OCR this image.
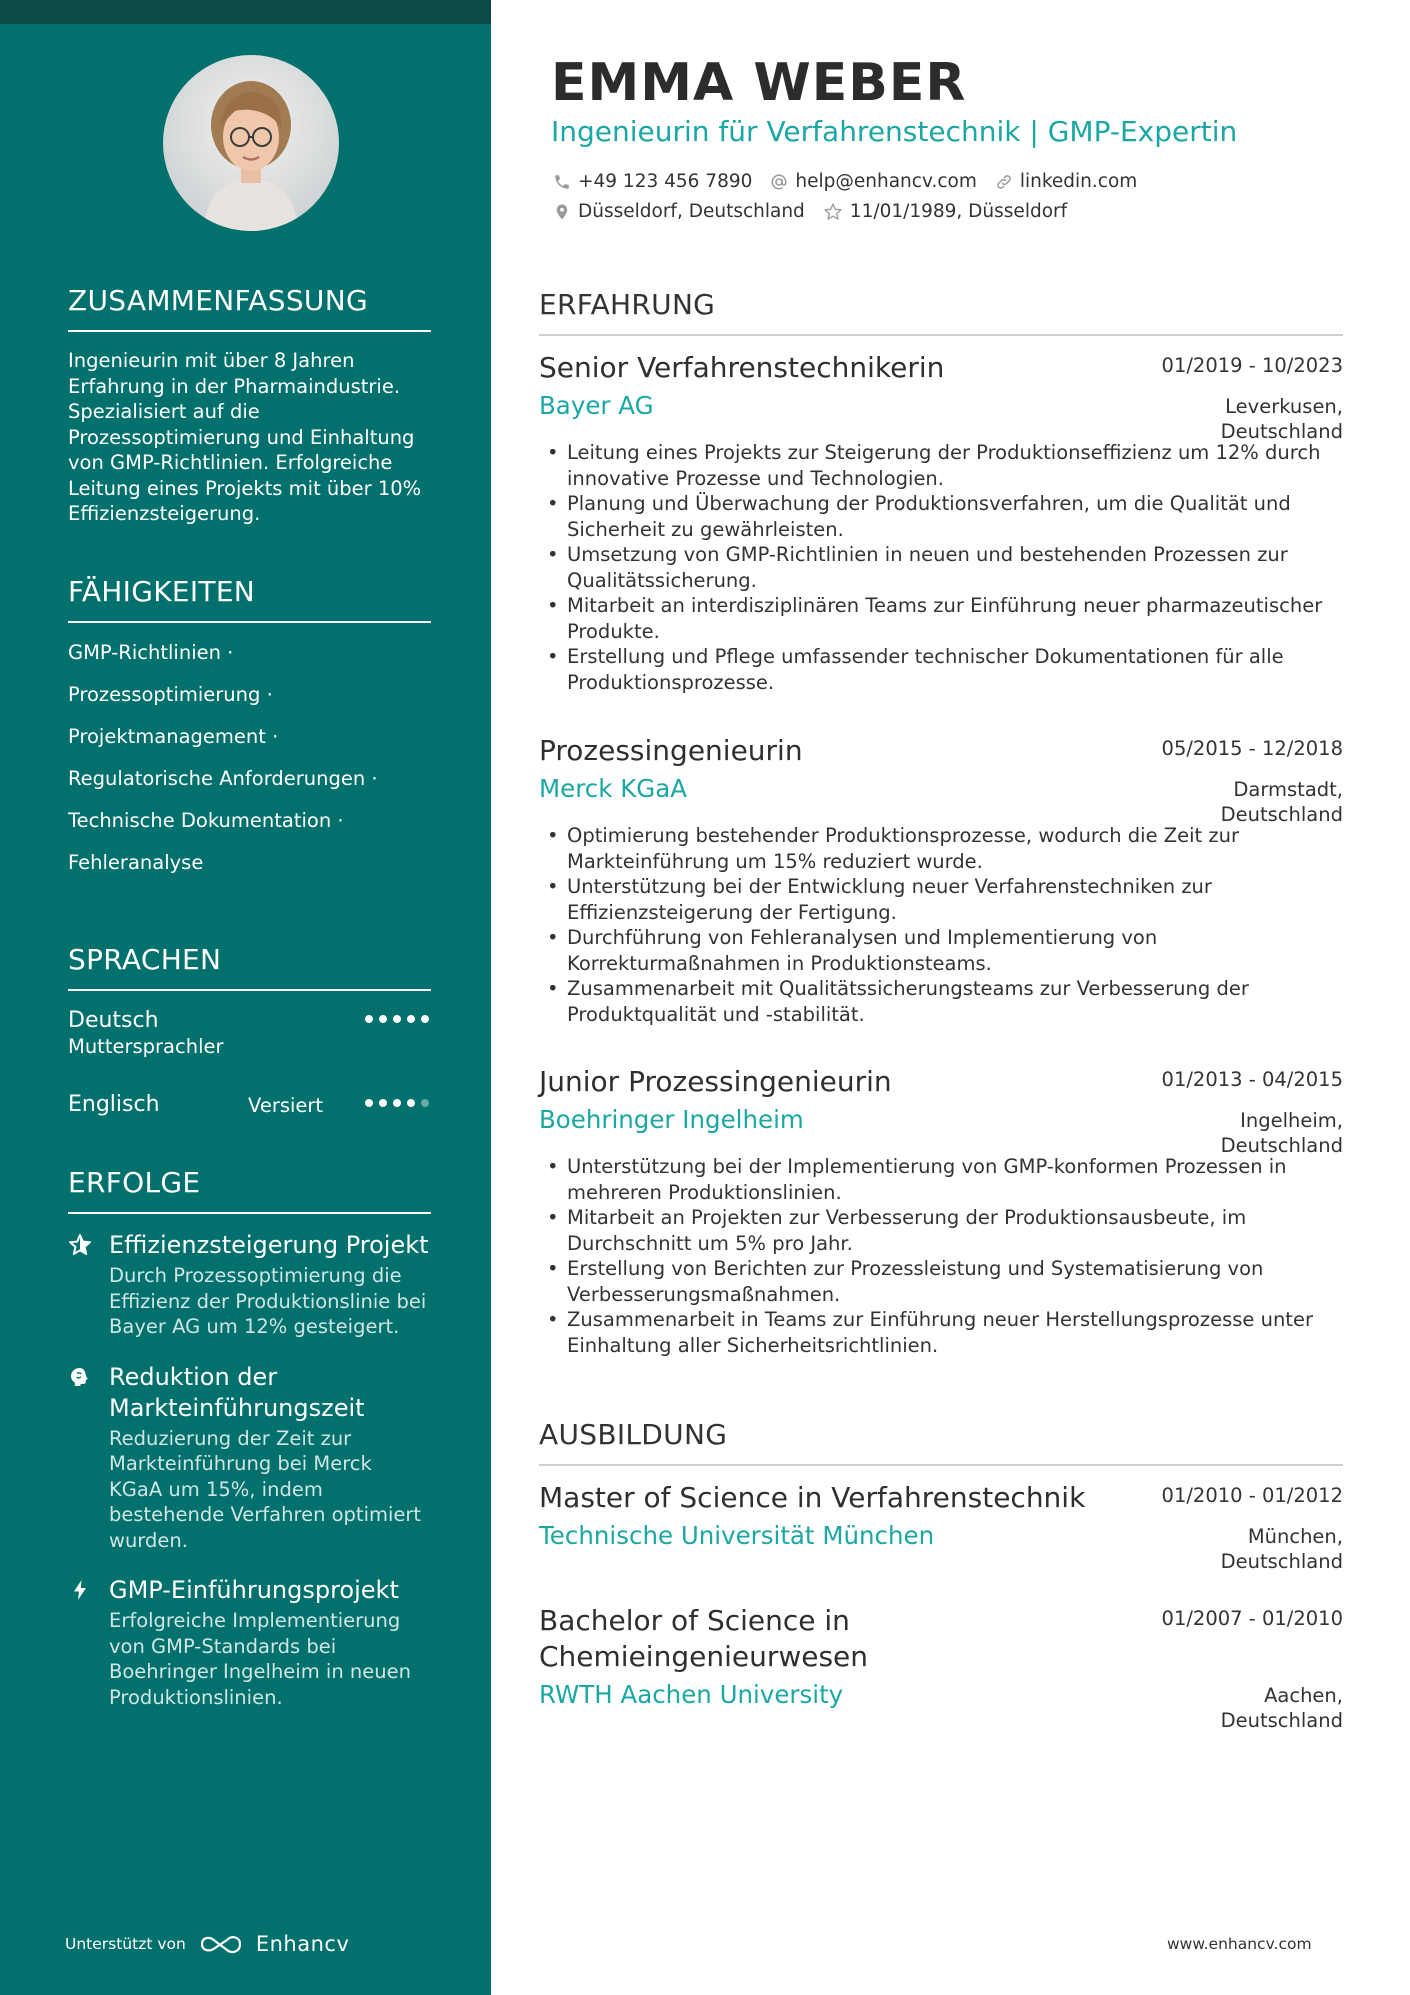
ZUSAMMENFASSUNG
Ingenieurin mit über 8 Jahren Erfahrung in der Pharmaindustrie. Spezialisiert auf die Prozessoptimierung und Einhaltung von GMP-Richtlinien. Erfolgreiche Leitung eines Projekts mit über 10% Effizienzsteigerung.
FÄHIGKEITEN
GMP-Richtlinien ·
Prozessoptimierung ·
Projektmanagement ·
Regulatorische Anforderungen ·
Technische Dokumentation ·
Fehleranalyse
SPRACHEN
Deutsch
Muttersprachler
Englisch	Versiert
ERFOLGE
Effizienzsteigerung Projekt
Durch Prozessoptimierung die Effizienz der Produktionslinie bei Bayer AG um 12% gesteigert.
Reduktion der Markteinführungszeit
Reduzierung der Zeit zur Markteinführung bei Merck KGaA um 15%, indem bestehende Verfahren optimiert wurden.
GMP-Einführungsprojekt
Erfolgreiche Implementierung von GMP-Standards bei Boehringer Ingelheim in neuen Produktionslinien.
Unterstützt von	Enhancv
EMMA WEBER
Ingenieurin für Verfahrenstechnik | GMP-Expertin
+49 123 456 7890 help@enhancv.com linkedin.com
Düsseldorf, Deutschland 11/01/1989, Düsseldorf
ERFAHRUNG
Senior Verfahrenstechnikerin	01/2019 - 10/2023
Bayer AG	Leverkusen,
Deutschland
• Leitung eines Projekts zur Steigerung der Produktionseffizienz um 12% durch innovative Prozesse und Technologien.
• Planung und Überwachung der Produktionsverfahren, um die Qualität und Sicherheit zu gewährleisten.
• Umsetzung von GMP-Richtlinien in neuen und bestehenden Prozessen zur Qualitätssicherung.
• Mitarbeit an interdisziplinären Teams zur Einführung neuer pharmazeutischer Produkte.
• Erstellung und Pflege umfassender technischer Dokumentationen für alle Produktionsprozesse.
Prozessingenieurin	05/2015 - 12/2018
Merck KGaA	Darmstadt,
Deutschland
• Optimierung bestehender Produktionsprozesse, wodurch die Zeit zur Markteinführung um 15% reduziert wurde.
• Unterstützung bei der Entwicklung neuer Verfahrenstechniken zur Effizienzsteigerung der Fertigung.
• Durchführung von Fehleranalysen und Implementierung von Korrekturmaßnahmen in Produktionsteams.
• Zusammenarbeit mit Qualitätssicherungsteams zur Verbesserung der Produktqualität und -stabilität.
Junior Prozessingenieurin	01/2013 - 04/2015
Boehringer Ingelheim	Ingelheim,
Deutschland
• Unterstützung bei der Implementierung von GMP-konformen Prozessen in mehreren Produktionslinien.
• Mitarbeit an Projekten zur Verbesserung der Produktionsausbeute, im Durchschnitt um 5% pro Jahr.
• Erstellung von Berichten zur Prozessleistung und Systematisierung von Verbesserungsmaßnahmen.
• Zusammenarbeit in Teams zur Einführung neuer Herstellungsprozesse unter Einhaltung aller Sicherheitsrichtlinien.
AUSBILDUNG
Master of Science in Verfahrenstechnik	01/2010 - 01/2012
Technische Universität München	München,
Deutschland
Bachelor of Science in Chemieingenieurwesen
01/2007 - 01/2010
RWTH Aachen University	Aachen,
Deutschland
www.enhancv.com
